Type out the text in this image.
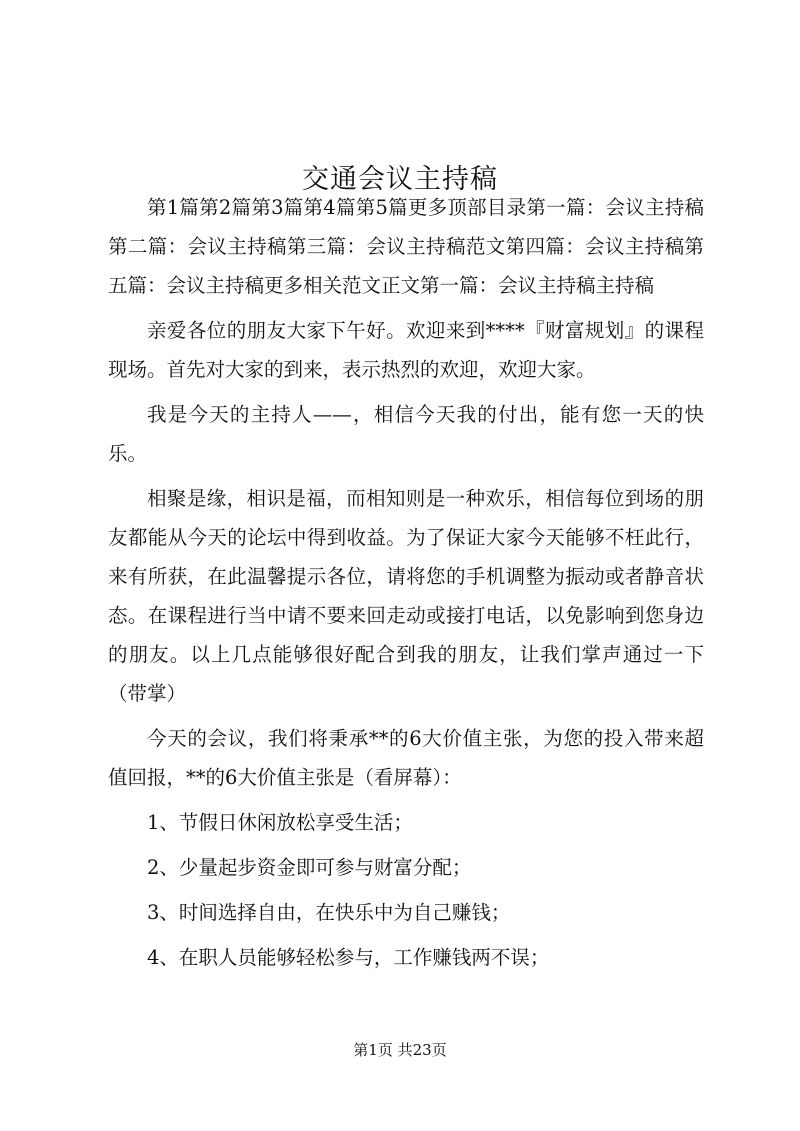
交通会议主持稿

第1篇第2篇第3篇第4篇第5篇更多顶部目录第一篇：会议主持稿第二篇：会议主持稿第三篇：会议主持稿范文第四篇：会议主持稿第五篇：会议主持稿更多相关范文正文第一篇：会议主持稿主持稿

亲爱各位的朋友大家下午好。欢迎来到****『财富规划』的课程现场。首先对大家的到来，表示热烈的欢迎，欢迎大家。

我是今天的主持人——，相信今天我的付出，能有您一天的快乐。

相聚是缘，相识是福，而相知则是一种欢乐，相信每位到场的朋友都能从今天的论坛中得到收益。为了保证大家今天能够不枉此行，来有所获，在此温馨提示各位，请将您的手机调整为振动或者静音状态。在课程进行当中请不要来回走动或接打电话，以免影响到您身边的朋友。以上几点能够很好配合到我的朋友，让我们掌声通过一下（带掌）

今天的会议，我们将秉承**的6大价值主张，为您的投入带来超值回报，**的6大价值主张是（看屏幕）：

1、节假日休闲放松享受生活；

2、少量起步资金即可参与财富分配；

3、时间选择自由，在快乐中为自己赚钱；

4、在职人员能够轻松参与，工作赚钱两不误；

第1页 共23页
